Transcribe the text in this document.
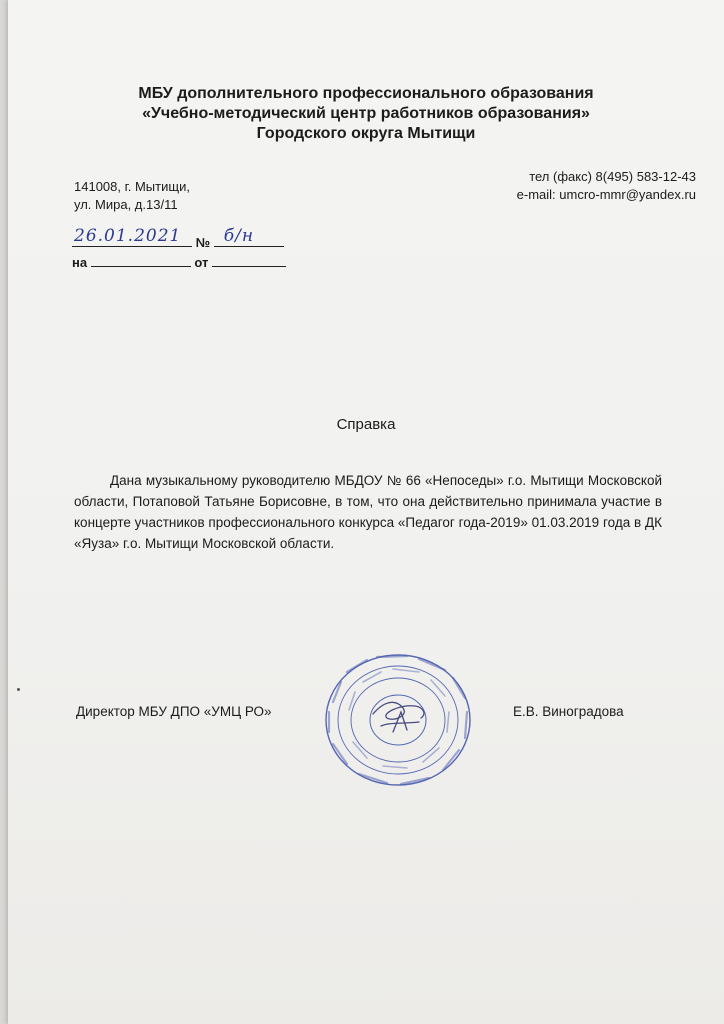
МБУ дополнительного профессионального образования
«Учебно-методический центр работников образования»
Городского округа Мытищи
141008, г. Мытищи,
ул. Мира, д.13/11
тел (факс) 8(495) 583-12-43
e-mail: umcro-mmr@yandex.ru
26.01.2021 № б/н
на	от
Справка
Дана музыкальному руководителю МБДОУ № 66 «Непоседы» г.о. Мытищи Московской области, Потаповой Татьяне Борисовне, в том, что она действительно принимала участие в концерте участников профессионального конкурса «Педагог года-2019» 01.03.2019 года в ДК «Яуза» г.о. Мытищи Московской области.
Директор МБУ ДПО «УМЦ РО»	Е.В. Виноградова
